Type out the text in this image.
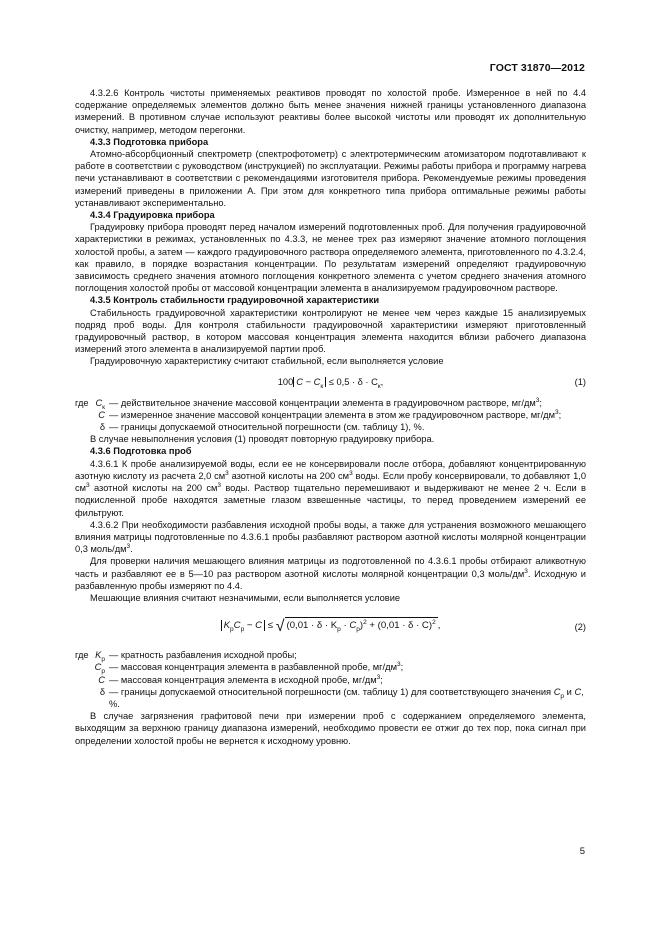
ГОСТ 31870—2012

4.3.2.6 Контроль чистоты применяемых реактивов проводят по холостой пробе. Измеренное в ней по 4.4 содержание определяемых элементов должно быть менее значения нижней границы установленного диапазона измерений. В противном случае используют реактивы более высокой чистоты или проводят их дополнительную очистку, например, методом перегонки.

4.3.3 Подготовка прибора

Атомно-абсорбционный спектрометр (спектрофотометр) с электротермическим атомизатором подготавливают к работе в соответствии с руководством (инструкцией) по эксплуатации. Режимы работы прибора и программу нагрева печи устанавливают в соответствии с рекомендациями изготовителя прибора. Рекомендуемые режимы проведения измерений приведены в приложении А. При этом для конкретного типа прибора оптимальные режимы работы устанавливают экспериментально.

4.3.4 Градуировка прибора

Градуировку прибора проводят перед началом измерений подготовленных проб. Для получения градуировочной характеристики в режимах, установленных по 4.3.3, не менее трех раз измеряют значение атомного поглощения холостой пробы, а затем — каждого градуировочного раствора определяемого элемента, приготовленного по 4.3.2.4, как правило, в порядке возрастания концентрации. По результатам измерений определяют градуировочную зависимость среднего значения атомного поглощения конкретного элемента с учетом среднего значения атомного поглощения холостой пробы от массовой концентрации элемента в анализируемом градуировочном растворе.

4.3.5 Контроль стабильности градуировочной характеристики

Стабильность градуировочной характеристики контролируют не менее чем через каждые 15 анализируемых подряд проб воды. Для контроля стабильности градуировочной характеристики измеряют приготовленный градуировочный раствор, в котором массовая концентрация элемента находится вблизи рабочего диапазона измерений этого элемента в анализируемой партии проб.

Градуировочную характеристику считают стабильной, если выполняется условие

100 $C - C_к \le 0,5 \cdot \delta \cdot C_к$,	(1)
где $C_к$ — действительное значение массовой концентрации элемента в градуировочном растворе, $мг/дм^3$;
C — измеренное значение массовой концентрации элемента в этом же градуировочном растворе, $мг/дм^3$;
δ — границы допускаемой относительной погрешности (см. таблицу 1), %.

В случае невыполнения условия (1) проводят повторную градуировку прибора.

4.3.6 Подготовка проб

4.3.6.1 К пробе анализируемой воды, если ее не консервировали после отбора, добавляют концентрированную азотную кислоту из расчета 2,0 $см^3$ азотной кислоты на 200 $см^3$ воды. Если пробу консервировали, то добавляют 1,0 $см^3$ азотной кислоты на 200 $см^3$ воды. Раствор тщательно перемешивают и выдерживают не менее 2 ч. Если в подкисленной пробе находятся заметные глазом взвешенные частицы, то перед проведением измерений ее фильтруют.

4.3.6.2 При необходимости разбавления исходной пробы воды, а также для устранения возможного мешающего влияния матрицы подготовленные по 4.3.6.1 пробы разбавляют раствором азотной кислоты молярной концентрации 0,3 моль/$дм^3$.

Для проверки наличия мешающего влияния матрицы из подготовленной по 4.3.6.1 пробы отбирают аликвотную часть и разбавляют ее в 5—10 раз раствором азотной кислоты молярной концентрации 0,3 моль/$дм^3$. Исходную и разбавленную пробы измеряют по 4.4.

Мешающие влияния считают незначимыми, если выполняется условие

$K_рC_р - C$ ≤ √ $(0,01 \cdot \delta \cdot K_р \cdot C_р)^2 + (0,01 \cdot \delta \cdot C)^2$ ,	(2)
где $K_р$ — кратность разбавления исходной пробы;
$C_р$ — массовая концентрация элемента в разбавленной пробе, $мг/дм^3$;
C — массовая концентрация элемента в исходной пробе, $мг/дм^3$;
δ — границы допускаемой относительной погрешности (см. таблицу 1) для соответствующего значения $C_р$ и C, %.

В случае загрязнения графитовой печи при измерении проб с содержанием определяемого элемента, выходящим за верхнюю границу диапазона измерений, необходимо провести ее отжиг до тех пор, пока сигнал при определении холостой пробы не вернется к исходному уровню.

5
